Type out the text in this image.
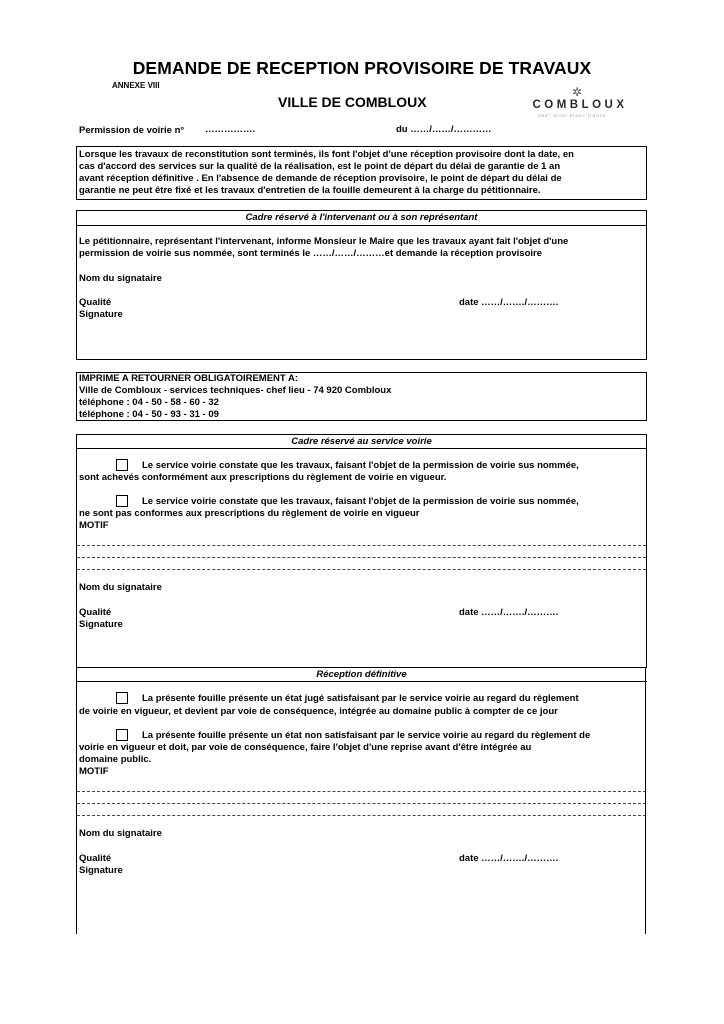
DEMANDE DE RECEPTION PROVISOIRE DE TRAVAUX
ANNEXE VIII
VILLE DE COMBLOUX
✲
COMBLOUX
360° mont blanc france
Permission de voirie n° …………….	du ……/……/…………
Lorsque les travaux de reconstitution sont terminés, ils font l'objet d'une réception provisoire dont la date, en
cas d'accord des services sur la qualité de la réalisation, est le point de départ du délai de garantie de 1 an
avant réception définitive . En l'absence de demande de réception provisoire, le point de départ du délai de
garantie ne peut être fixé et les travaux d'entretien de la fouille demeurent à la charge du pétitionnaire.
Cadre réservé à l'intervenant ou à son représentant
Le pétitionnaire, représentant l'intervenant, informe Monsieur le Maire que les travaux ayant fait l'objet d'une
permission de voirie sus nommée, sont terminés le ……/……/………et demande la réception provisoire
Nom du signataire
Qualité	date ……/……./……….
Signature
IMPRIME A RETOURNER OBLIGATOIREMENT A:
Ville de Combloux - services techniques- chef lieu - 74 920 Combloux
téléphone : 04 - 50 - 58 - 60 - 32
téléphone : 04 - 50 - 93 - 31 - 09
Cadre réservé au service voirie
Le service voirie constate que les travaux, faisant l'objet de la permission de voirie sus nommée,
sont achevés conformément aux prescriptions du règlement de voirie en vigueur.
Le service voirie constate que les travaux, faisant l'objet de la permission de voirie sus nommée,
ne sont pas conformes aux prescriptions du règlement de voirie en vigueur
MOTIF
Nom du signataire
Qualité	date ……/……./……….
Signature
Réception définitive
La présente fouille présente un état jugé satisfaisant par le service voirie au regard du règlement
de voirie en vigueur, et devient par voie de conséquence, intégrée au domaine public à compter de ce jour
La présente fouille présente un état non satisfaisant par le service voirie au regard du règlement de
voirie en vigueur et doit, par voie de conséquence, faire l'objet d'une reprise avant d'être intégrée au
domaine public.
MOTIF
Nom du signataire
Qualité	date ……/……./……….
Signature
